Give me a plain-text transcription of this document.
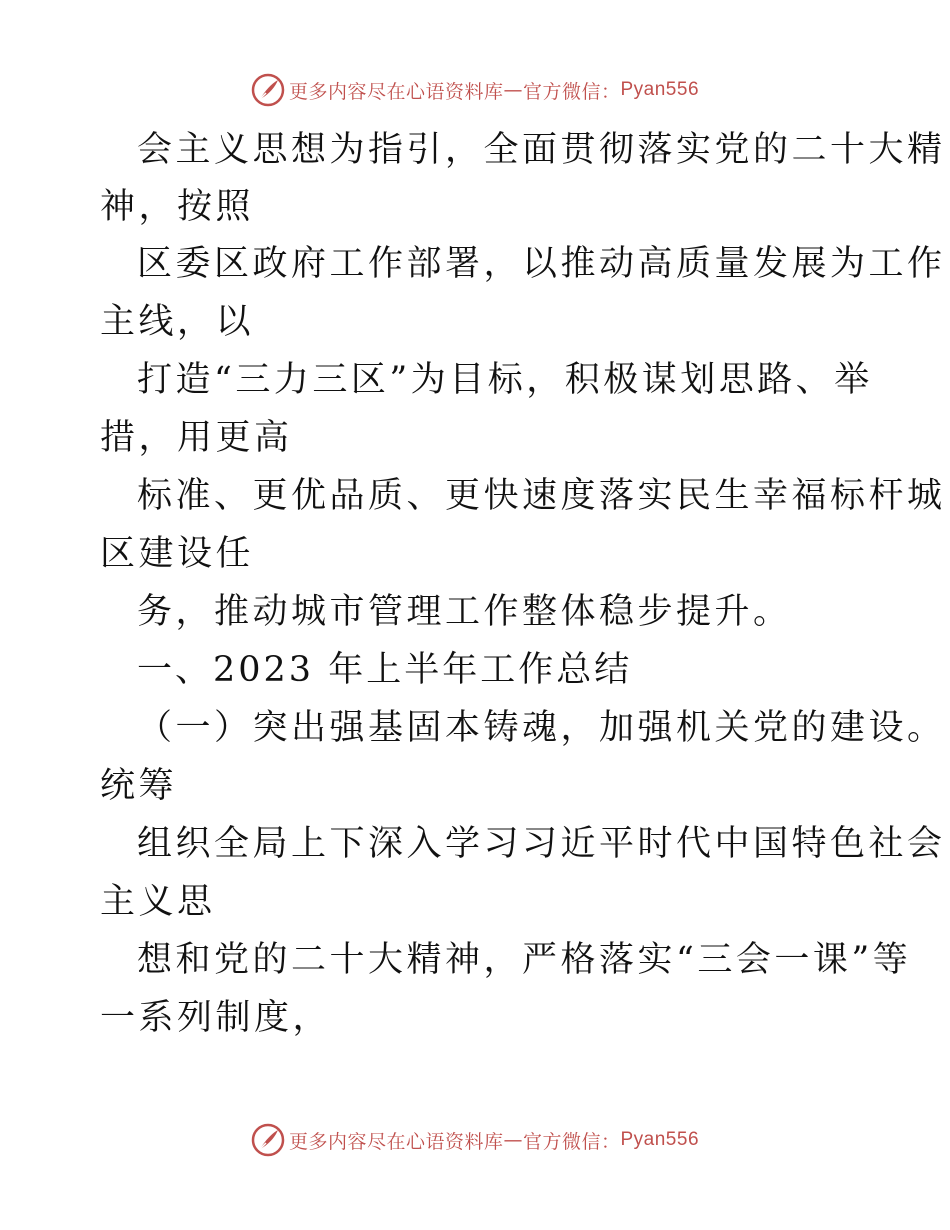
更多内容尽在心语资料库 — 官方微信： Pyan556
会主义思想为指引，全面贯彻落实党的二十大精
神，按照
区委区政府工作部署，以推动高质量发展为工作
主线，以
打造“三力三区”为目标，积极谋划思路、举
措，用更高
标准、更优品质、更快速度落实民生幸福标杆城
区建设任
务，推动城市管理工作整体稳步提升。
一、2023 年上半年工作总结
（一）突出强基固本铸魂，加强机关党的建设。
统筹
组织全局上下深入学习习近平时代中国特色社会
主义思
想和党的二十大精神，严格落实“三会一课”等
一系列制度，
更多内容尽在心语资料库 — 官方微信： Pyan556
